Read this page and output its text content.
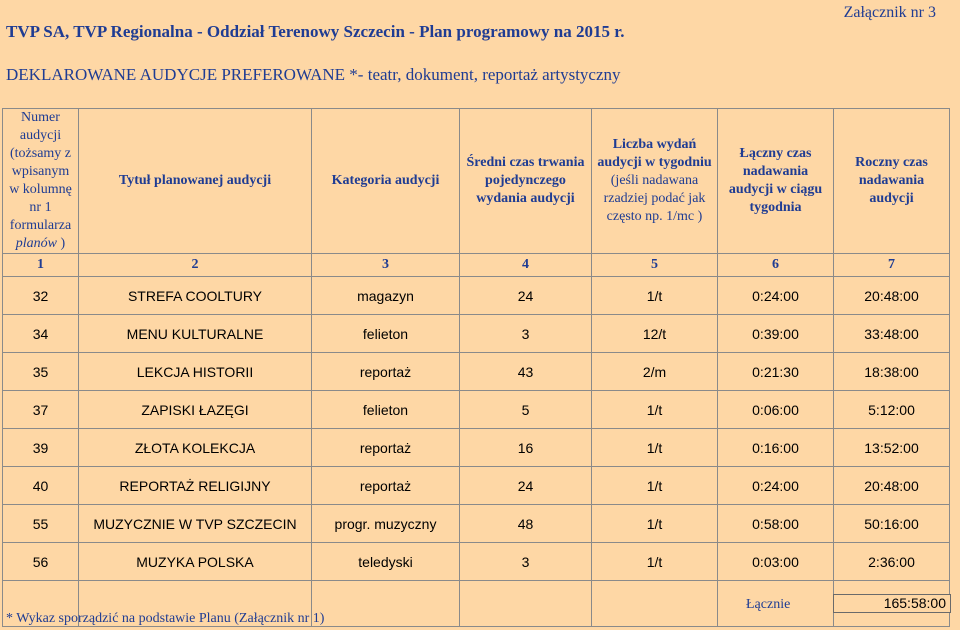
Załącznik nr 3
TVP SA, TVP Regionalna - Oddział Terenowy Szczecin - Plan programowy na 2015 r.
DEKLAROWANE AUDYCJE PREFEROWANE *- teatr, dokument, reportaż artystyczny
Numer
audycji
(tożsamy z wpisanym w kolumnę nr 1 formularza
planów )	Tytuł planowanej audycji	Kategoria audycji	Średni czas trwania pojedynczego wydania audycji	Liczba wydań audycji w tygodniu
(jeśli nadawana rzadziej podać jak często np. 1/mc )	Łączny czas nadawania audycji w ciągu tygodnia	Roczny czas nadawania audycji
1	2	3	4	5	6	7
32	STREFA COOLTURY	magazyn	24	1/t	0:24:00	20:48:00
34	MENU KULTURALNE	felieton	3	12/t	0:39:00	33:48:00
35	LEKCJA HISTORII	reportaż	43	2/m	0:21:30	18:38:00
37	ZAPISKI ŁAZĘGI	felieton	5	1/t	0:06:00	5:12:00
39	ZŁOTA KOLEKCJA	reportaż	16	1/t	0:16:00	13:52:00
40	REPORTAŻ RELIGIJNY	reportaż	24	1/t	0:24:00	20:48:00
55	MUZYCZNIE W TVP SZCZECIN	progr. muzyczny	48	1/t	0:58:00	50:16:00
56	MUZYKA POLSKA	teledyski	3	1/t	0:03:00	2:36:00

Łącznie	165:58:00
* Wykaz sporządzić na podstawie Planu (Załącznik nr 1)
